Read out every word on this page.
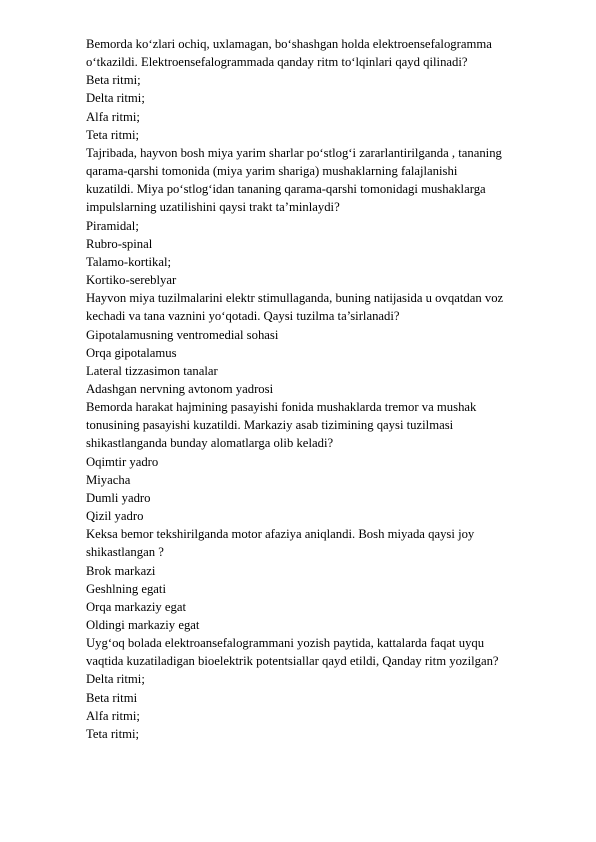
Bemorda ko‘zlari ochiq, uxlamagan, bo‘shashgan holda elektroensefalogramma
o‘tkazildi. Elektroensefalogrammada qanday ritm to‘lqinlari qayd qilinadi?
Beta ritmi;
Delta ritmi;
Alfa ritmi;
Teta ritmi;
Tajribada, hayvon bosh miya yarim sharlar po‘stlog‘i zararlantirilganda , tananing
qarama-qarshi tomonida (miya yarim shariga) mushaklarning falajlanishi
kuzatildi. Miya po‘stlog‘idan tananing qarama-qarshi tomonidagi mushaklarga
impulslarning uzatilishini qaysi trakt ta’minlaydi?
Piramidal;
Rubro-spinal
Talamo-kortikal;
Kortiko-sereblyar
Hayvon miya tuzilmalarini elektr stimullaganda, buning natijasida u ovqatdan voz
kechadi va tana vaznini yo‘qotadi. Qaysi tuzilma ta’sirlanadi?
Gipotalamusning ventromedial sohasi
Orqa gipotalamus
Lateral tizzasimon tanalar
Adashgan nervning avtonom yadrosi
Bemorda harakat hajmining pasayishi fonida mushaklarda tremor va mushak
tonusining pasayishi kuzatildi. Markaziy asab tizimining qaysi tuzilmasi
shikastlanganda bunday alomatlarga olib keladi?
Oqimtir yadro
Miyacha
Dumli yadro
Qizil yadro
Keksa bemor tekshirilganda motor afaziya aniqlandi. Bosh miyada qaysi joy
shikastlangan ?
Brok markazi
Geshlning egati
Orqa markaziy egat
Oldingi markaziy egat
Uyg‘oq bolada elektroansefalogrammani yozish paytida, kattalarda faqat uyqu
vaqtida kuzatiladigan bioelektrik potentsiallar qayd etildi, Qanday ritm yozilgan?
Delta ritmi;
Beta ritmi
Alfa ritmi;
Teta ritmi;
